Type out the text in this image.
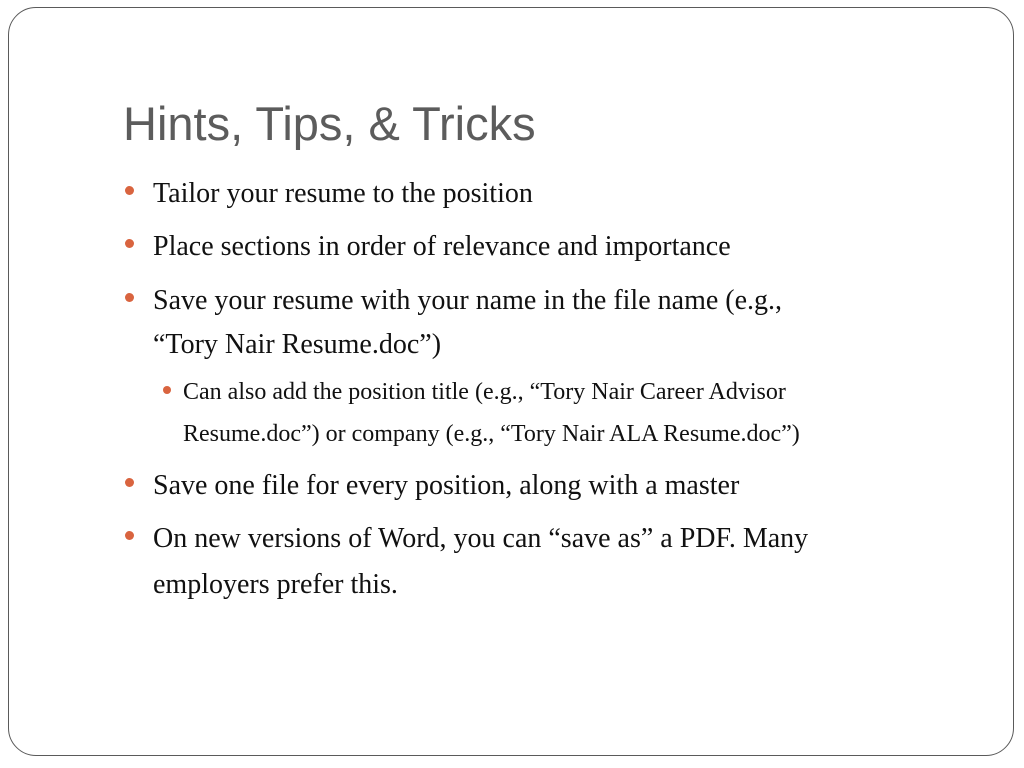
Hints, Tips, & Tricks
Tailor your resume to the position
Place sections in order of relevance and importance
Save your resume with your name in the file name (e.g.,
“Tory Nair Resume.doc”)
Can also add the position title (e.g., “Tory Nair Career Advisor
Resume.doc”) or company (e.g., “Tory Nair ALA Resume.doc”)
Save one file for every position, along with a master
On new versions of Word, you can “save as” a PDF. Many
employers prefer this.
